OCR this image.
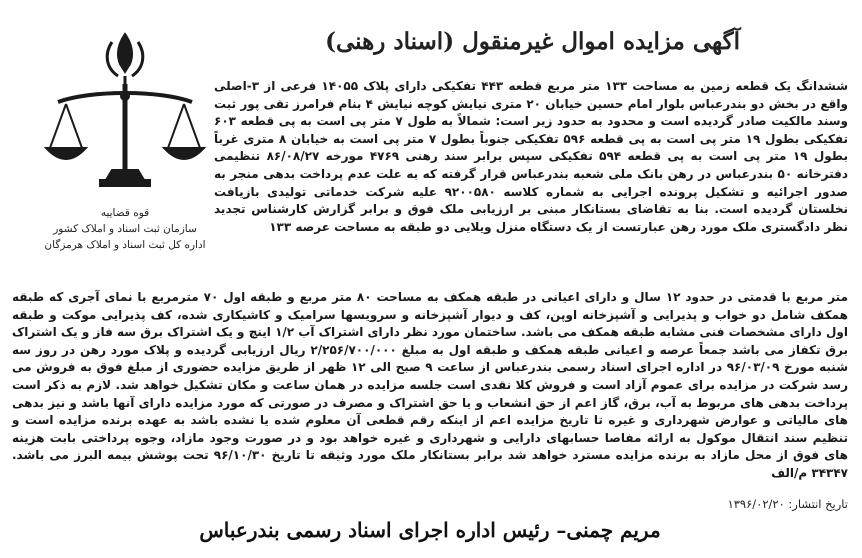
آگهی مزایده اموال غیرمنقول (اسناد رهنی)
قوه قضاییه
سازمان ثبت اسناد و املاک کشور
اداره کل ثبت اسناد و املاک هرمزگان
ششدانگ یک قطعه زمین به مساحت ۱۳۳ متر مربع قطعه ۴۴۳ تفکیکی دارای پلاک ۱۴۰۵۵ فرعی از ۳-اصلی واقع در بخش دو بندرعباس بلوار امام حسین خیابان ۲۰ متری نیایش کوچه نیایش ۴ بنام فرامرز تقی پور ثبت وسند مالکیت صادر گردیده است و محدود به حدود زیر است: شمالاً به طول ۷ متر پی است به پی قطعه ۶۰۳ تفکیکی بطول ۱۹ متر پی است به پی قطعه ۵۹۶ تفکیکی جنوباً بطول ۷ متر پی است به خیابان ۸ متری غرباً بطول ۱۹ متر پی است به پی قطعه ۵۹۴ تفکیکی سپس برابر سند رهنی ۴۷۶۹ مورخه ۸۶/۰۸/۲۷ تنظیمی دفترخانه ۵۰ بندرعباس در رهن بانک ملی شعبه بندرعباس قرار گرفته که به علت عدم پرداخت بدهی منجر به صدور اجرائیه و تشکیل پرونده اجرایی به شماره کلاسه ۹۲۰۰۵۸۰ علیه شرکت خدماتی تولیدی بازیافت نخلستان گردیده است. بنا به تقاضای بستانکار مبنی بر ارزیابی ملک فوق و برابر گزارش کارشناس تجدید نظر دادگستری ملک مورد رهن عبارتست از یک دستگاه منزل ویلایی دو طبقه به مساحت عرصه ۱۳۳
متر مربع با قدمتی در حدود ۱۲ سال و دارای اعیانی در طبقه همکف به مساحت ۸۰ متر مربع و طبقه اول ۷۰ مترمربع با نمای آجری که طبقه همکف شامل دو خواب و پذیرایی و آشپزخانه اوپن، کف و دیوار آشپزخانه و سرویسها سرامیک و کاشیکاری شده، کف پذیرایی موکت و طبقه اول دارای مشخصات فنی مشابه طبقه همکف می باشد. ساختمان مورد نظر دارای اشتراک آب ۱/۲ اینچ و یک اشتراک برق سه فاز و یک اشتراک برق تکفاز می باشد جمعاً عرصه و اعیانی طبقه همکف و طبقه اول به مبلغ ۲/۲۵۶/۷۰۰/۰۰۰ ریال ارزیابی گردیده و پلاک مورد رهن در روز سه شنبه مورخ ۹۶/۰۳/۰۹ در اداره اجرای اسناد رسمی بندرعباس از ساعت ۹ صبح الی ۱۲ ظهر از طریق مزایده حضوری از مبلغ فوق به فروش می رسد شرکت در مزایده برای عموم آزاد است و فروش کلا نقدی است جلسه مزایده در همان ساعت و مکان تشکیل خواهد شد. لازم به ذکر است پرداخت بدهی های مربوط به آب، برق، گاز اعم از حق انشعاب و یا حق اشتراک و مصرف در صورتی که مورد مزایده دارای آنها باشد و نیز بدهی های مالیاتی و عوارض شهرداری و غیره تا تاریخ مزایده اعم از اینکه رقم قطعی آن معلوم شده یا نشده باشد به عهده برنده مزایده است و تنظیم سند انتقال موکول به ارائه مفاصا حسابهای دارایی و شهرداری و غیره خواهد بود و در صورت وجود مازاد، وجوه پرداختی بابت هزینه های فوق از محل مازاد به برنده مزایده مسترد خواهد شد برابر بستانکار ملک مورد وثیقه تا تاریخ ۹۶/۱۰/۳۰ تحت پوشش بیمه البرز می باشد. ۳۴۳۴۷ م/الف
تاریخ انتشار: ۱۳۹۶/۰۲/۲۰
مریم چمنی– رئیس اداره اجرای اسناد رسمی بندرعباس
